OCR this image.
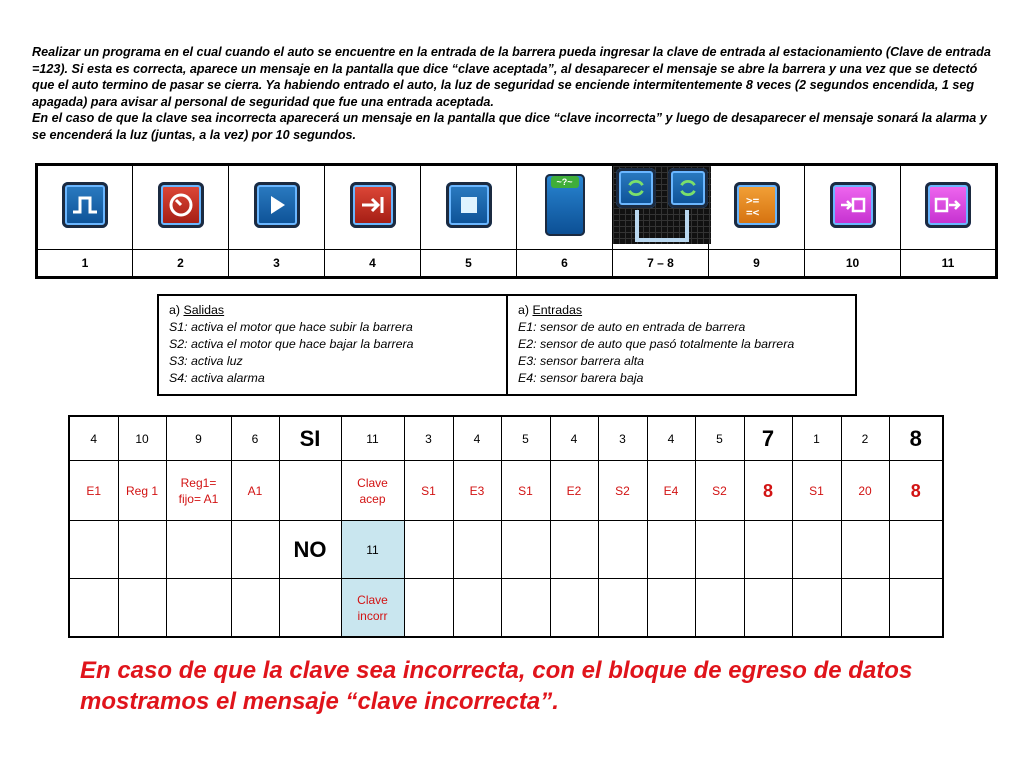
Realizar un programa en el cual cuando el auto se encuentre en la entrada de la barrera pueda ingresar la clave de entrada al estacionamiento (Clave de entrada =123). Si esta es correcta, aparece un mensaje en la pantalla que dice “clave aceptada”, al desaparecer el mensaje se abre la barrera y una vez que se detectó que el auto termino de pasar se cierra. Ya habiendo entrado el auto, la luz de seguridad se enciende intermitentemente 8 veces (2 segundos encendida, 1 seg apagada) para avisar al personal de seguridad que fue una entrada aceptada.

En el caso de que la clave sea incorrecta aparecerá un mensaje en la pantalla que dice “clave incorrecta” y luego de desaparecer el mensaje sonará la alarma y se encenderá la luz (juntas, a la vez) por 10 segundos.

~?~		>=
=<

1	2	3	4	5	6	7 – 8	9	10	11
a) Salidas
S1: activa el motor que hace subir la barrera
S2: activa el motor que hace bajar la barrera
S3: activa luz
S4: activa alarma
a) Entradas
E1: sensor de auto en entrada de barrera
E2: sensor de auto que pasó totalmente la barrera
E3: sensor barrera alta
E4: sensor barera baja
4	10	9	6	SI	11	3	4	5	4	3	4	5	7	1	2	8
E1	Reg 1	Reg1= fijo= A1	A1		Clave acep	S1	E3	S1	E2	S2	E4	S2	8	S1	20	8
				NO	11											
					Clave incorr											
En caso de que la clave sea incorrecta, con el bloque de egreso de datos mostramos el mensaje “clave incorrecta”.
